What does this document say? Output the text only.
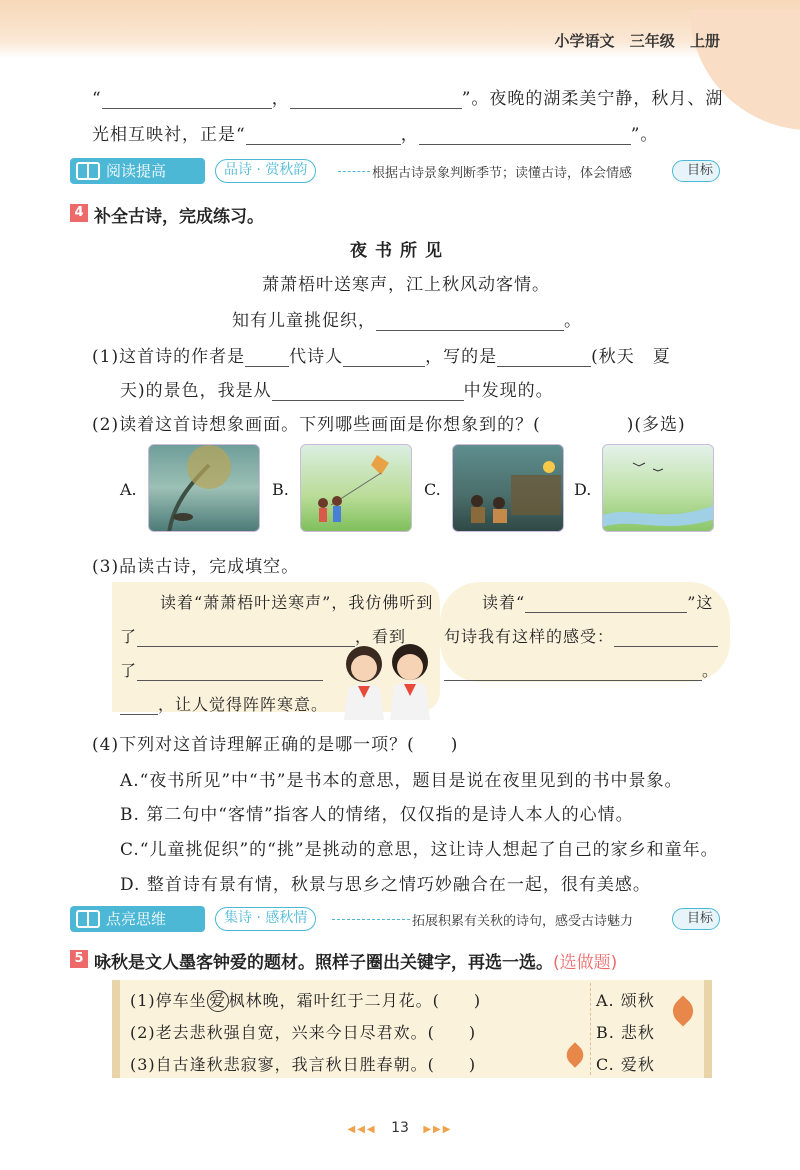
小学语文 三年级 上册
“	，	”。夜晚的湖柔美宁静，秋月、湖
光相互映衬，正是“	，	”。
阅读提高	品诗 · 赏秋韵	根据古诗景象判断季节；读懂古诗，体会情感	目标
4 补全古诗，完成练习。
夜书所见
萧萧梧叶送寒声，江上秋风动客情。
知有儿童挑促织，	。
(1)这首诗的作者是	代诗人	，写的是	(秋天　夏
天)的景色，我是从	中发现的。
(2)读着这首诗想象画面。下列哪些画面是你想象到的？(	)(多选)
A.	B.	C.	D.
(3)品读古诗，完成填空。
读着“萧萧梧叶送寒声”，我仿佛听到
了	，看到
了
，让人觉得阵阵寒意。
读着“	”这
句诗我有这样的感受：
。
(4)下列对这首诗理解正确的是哪一项？(　　)
A.“夜书所见”中“书”是书本的意思，题目是说在夜里见到的书中景象。
B. 第二句中“客情”指客人的情绪，仅仅指的是诗人本人的心情。
C.“儿童挑促织”的“挑”是挑动的意思，这让诗人想起了自己的家乡和童年。
D. 整首诗有景有情，秋景与思乡之情巧妙融合在一起，很有美感。
点亮思维	集诗 · 感秋情	拓展积累有关秋的诗句，感受古诗魅力	目标
5 咏秋是文人墨客钟爱的题材。照样子圈出关键字，再选一选。(选做题)
(1)停车坐 爱 枫林晚，霜叶红于二月花。(　　)
(2)老去悲秋强自宽，兴来今日尽君欢。(　　)
(3)自古逢秋悲寂寥，我言秋日胜春朝。(　　)
A. 颂秋
B. 悲秋
C. 爱秋
◀◀◀ 13 ▶▶▶
